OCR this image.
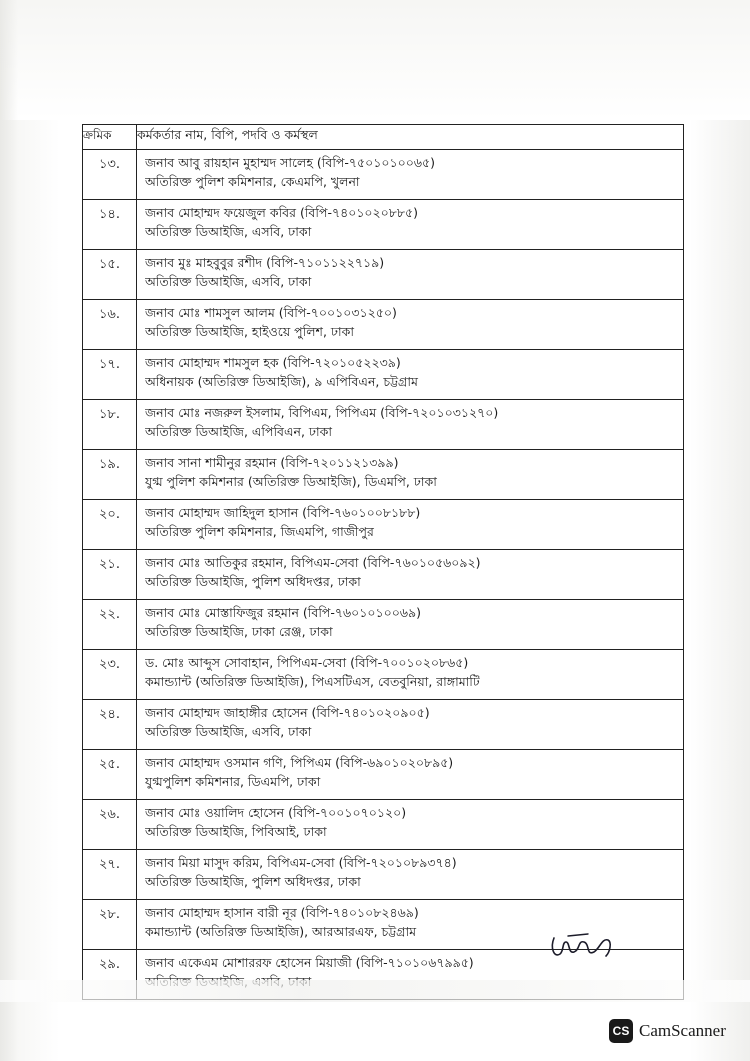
ক্রমিক	কর্মকর্তার নাম, বিপি, পদবি ও কর্মস্থল
১৩.	জনাব আবু রায়হান মুহাম্মদ সালেহ (বিপি-৭৫০১০১০০৬৫)
অতিরিক্ত পুলিশ কমিশনার, কেএমপি, খুলনা

১৪.	জনাব মোহাম্মদ ফয়েজুল কবির (বিপি-৭৪০১০২০৮৮৫)
অতিরিক্ত ডিআইজি, এসবি, ঢাকা

১৫.	জনাব মুঃ মাহবুবুর রশীদ (বিপি-৭১০১১২২৭১৯)
অতিরিক্ত ডিআইজি, এসবি, ঢাকা

১৬.	জনাব মোঃ শামসুল আলম (বিপি-৭০০১০৩১২৫০)
অতিরিক্ত ডিআইজি, হাইওয়ে পুলিশ, ঢাকা

১৭.	জনাব মোহাম্মদ শামসুল হক (বিপি-৭২০১০৫২২৩৯)
অধিনায়ক (অতিরিক্ত ডিআইজি), ৯ এপিবিএন, চট্টগ্রাম

১৮.	জনাব মোঃ নজরুল ইসলাম, বিপিএম, পিপিএম (বিপি-৭২০১০৩১২৭০)
অতিরিক্ত ডিআইজি, এপিবিএন, ঢাকা

১৯.	জনাব সানা শামীনুর রহমান (বিপি-৭২০১১২১৩৯৯)
যুগ্ম পুলিশ কমিশনার (অতিরিক্ত ডিআইজি), ডিএমপি, ঢাকা

২০.	জনাব মোহাম্মদ জাহিদুল হাসান (বিপি-৭৬০১০০৮১৮৮)
অতিরিক্ত পুলিশ কমিশনার, জিএমপি, গাজীপুর

২১.	জনাব মোঃ আতিকুর রহমান, বিপিএম-সেবা (বিপি-৭৬০১০৫৬০৯২)
অতিরিক্ত ডিআইজি, পুলিশ অধিদপ্তর, ঢাকা

২২.	জনাব মোঃ মোস্তাফিজুর রহমান (বিপি-৭৬০১০১০০৬৯)
অতিরিক্ত ডিআইজি, ঢাকা রেঞ্জ, ঢাকা

২৩.	ড. মোঃ আব্দুস সোবাহান, পিপিএম-সেবা (বিপি-৭০০১০২০৮৬৫)
কমান্ড্যান্ট (অতিরিক্ত ডিআইজি), পিএসটিএস, বেতবুনিয়া, রাঙ্গামাটি

২৪.	জনাব মোহাম্মদ জাহাঙ্গীর হোসেন (বিপি-৭৪০১০২০৯০৫)
অতিরিক্ত ডিআইজি, এসবি, ঢাকা

২৫.	জনাব মোহাম্মদ ওসমান গণি, পিপিএম (বিপি-৬৯০১০২০৮৯৫)
যুগ্মপুলিশ কমিশনার, ডিএমপি, ঢাকা

২৬.	জনাব মোঃ ওয়ালিদ হোসেন (বিপি-৭০০১০৭০১২০)
অতিরিক্ত ডিআইজি, পিবিআই, ঢাকা

২৭.	জনাব মিয়া মাসুদ করিম, বিপিএম-সেবা (বিপি-৭২০১০৮৯৩৭৪)
অতিরিক্ত ডিআইজি, পুলিশ অধিদপ্তর, ঢাকা

২৮.	জনাব মোহাম্মদ হাসান বারী নূর (বিপি-৭৪০১০৮২৪৬৯)
কমান্ড্যান্ট (অতিরিক্ত ডিআইজি), আরআরএফ, চট্টগ্রাম

২৯.	জনাব একেএম মোশাররফ হোসেন মিয়াজী (বিপি-৭১০১০৬৭৯৯৫)
CS CamScanner
